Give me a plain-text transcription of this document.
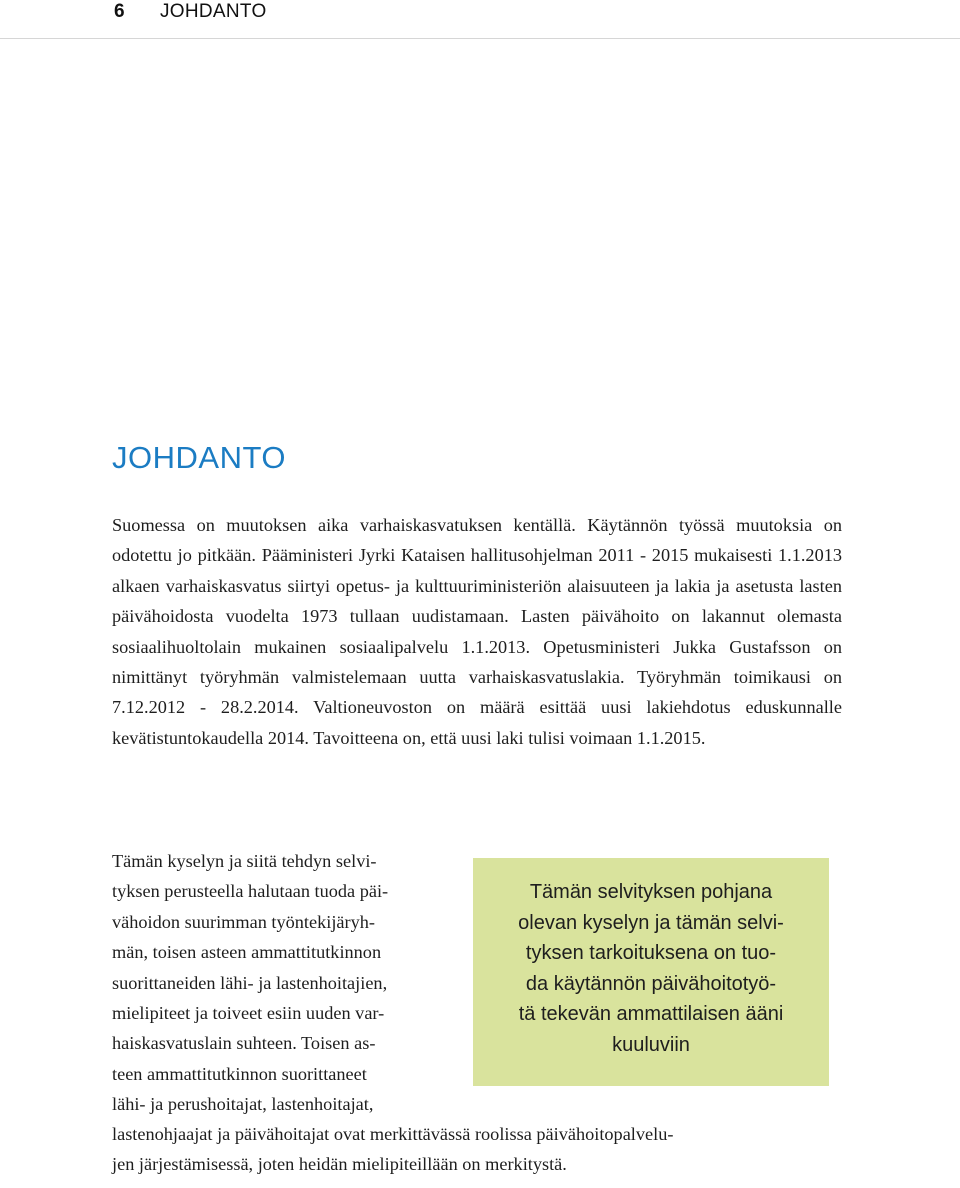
6 JOHDANTO
JOHDANTO

Suomessa on muutoksen aika varhaiskasvatuksen kentällä. Käytännön työssä muutoksia on odotettu jo pitkään. Pääministeri Jyrki Kataisen hallitusohjelman 2011 - 2015 mukaisesti 1.1.2013 alkaen varhaiskasvatus siirtyi opetus- ja kulttuuriministeriön alaisuuteen ja lakia ja asetusta lasten päivähoidosta vuodelta 1973 tullaan uudistamaan. Lasten päivähoito on lakannut olemasta sosiaalihuoltolain mukainen sosiaalipalvelu 1.1.2013. Opetusministeri Jukka Gustafsson on nimittänyt työryhmän valmistelemaan uutta varhaiskasvatuslakia. Työryhmän toimikausi on 7.12.2012 - 28.2.2014. Valtioneuvoston on määrä esittää uusi lakiehdotus eduskunnalle kevätistuntokaudella 2014. Tavoitteena on, että uusi laki tulisi voimaan 1.1.2015.

Tämän kyselyn ja siitä tehdyn selvi-
tyksen perusteella halutaan tuoda päi-
vähoidon suurimman työntekijäryh-
män, toisen asteen ammattitutkinnon
suorittaneiden lähi- ja lastenhoitajien,
mielipiteet ja toiveet esiin uuden var-
haiskasvatuslain suhteen. Toisen as-
teen ammattitutkinnon suorittaneet
lähi- ja perushoitajat, lastenhoitajat,
Tämän selvityksen pohjana
olevan kyselyn ja tämän selvi-
tyksen tarkoituksena on tuo-
da käytännön päivähoitotyö-
tä tekevän ammattilaisen ääni
kuuluviin
lastenohjaajat ja päivähoitajat ovat merkittävässä roolissa päivähoitopalvelu-
jen järjestämisessä, joten heidän mielipiteillään on merkitystä.
